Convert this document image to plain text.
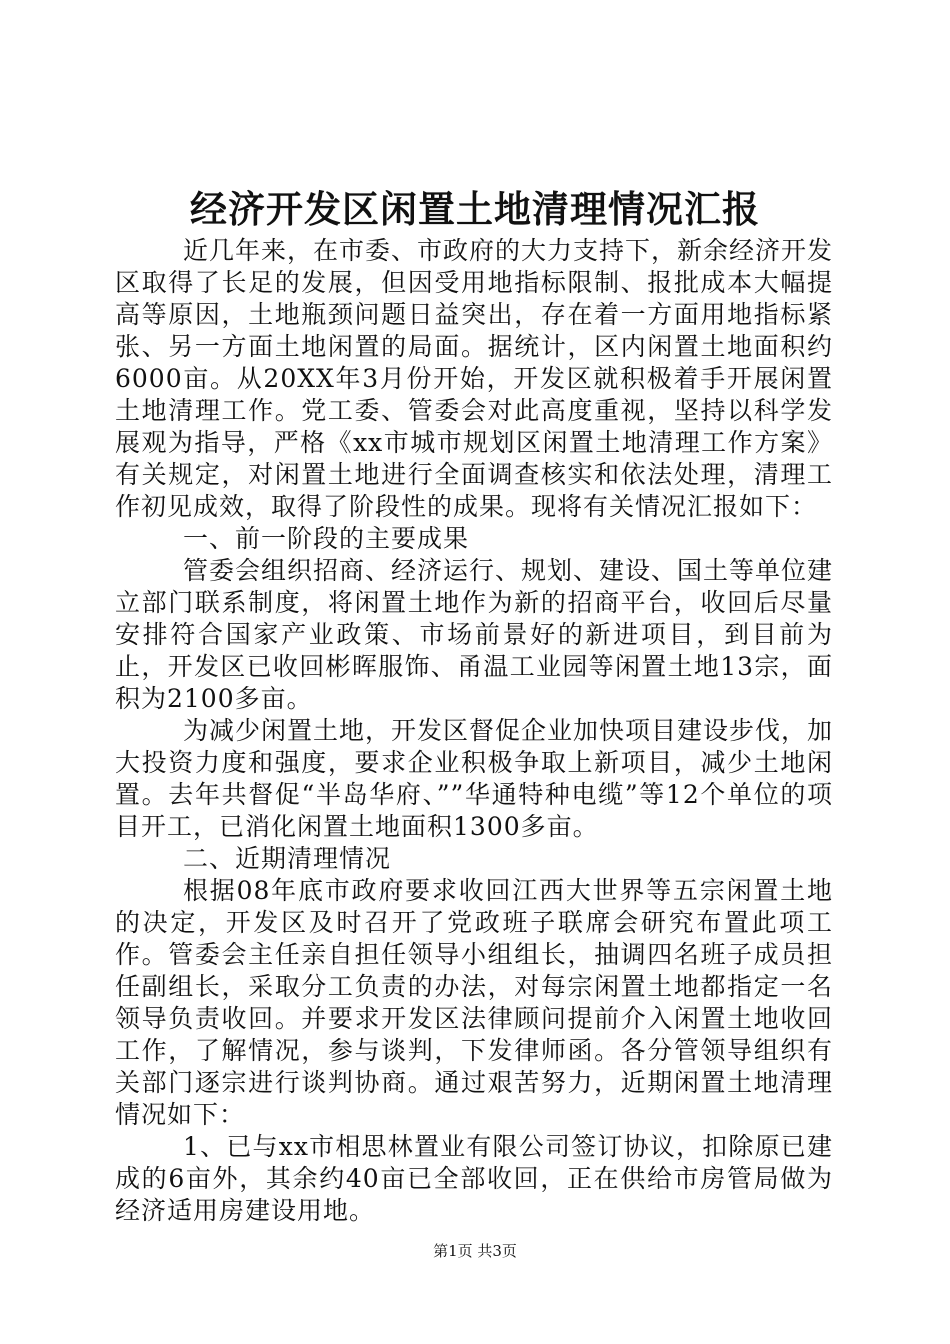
经济开发区闲置土地清理情况汇报

近几年来，在市委、市政府的大力支持下，新余经济开发区取得了长足的发展，但因受用地指标限制、报批成本大幅提高等原因，土地瓶颈问题日益突出，存在着一方面用地指标紧张、另一方面土地闲置的局面。据统计，区内闲置土地面积约6000亩。从20XX年3月份开始，开发区就积极着手开展闲置土地清理工作。党工委、管委会对此高度重视，坚持以科学发展观为指导，严格《xx市城市规划区闲置土地清理工作方案》有关规定，对闲置土地进行全面调查核实和依法处理，清理工作初见成效，取得了阶段性的成果。现将有关情况汇报如下：

一、前一阶段的主要成果

管委会组织招商、经济运行、规划、建设、国土等单位建立部门联系制度，将闲置土地作为新的招商平台，收回后尽量安排符合国家产业政策、市场前景好的新进项目，到目前为止，开发区已收回彬晖服饰、甬温工业园等闲置土地13宗，面积为2100多亩。

为减少闲置土地，开发区督促企业加快项目建设步伐，加大投资力度和强度，要求企业积极争取上新项目，减少土地闲置。去年共督促“半岛华府、””华通特种电缆”等12个单位的项目开工，已消化闲置土地面积1300多亩。

二、近期清理情况

根据08年底市政府要求收回江西大世界等五宗闲置土地的决定，开发区及时召开了党政班子联席会研究布置此项工作。管委会主任亲自担任领导小组组长，抽调四名班子成员担任副组长，采取分工负责的办法，对每宗闲置土地都指定一名领导负责收回。并要求开发区法律顾问提前介入闲置土地收回工作，了解情况，参与谈判，下发律师函。各分管领导组织有关部门逐宗进行谈判协商。通过艰苦努力，近期闲置土地清理情况如下：

1、已与xx市相思林置业有限公司签订协议，扣除原已建成的6亩外，其余约40亩已全部收回，正在供给市房管局做为经济适用房建设用地。

第1页 共3页
